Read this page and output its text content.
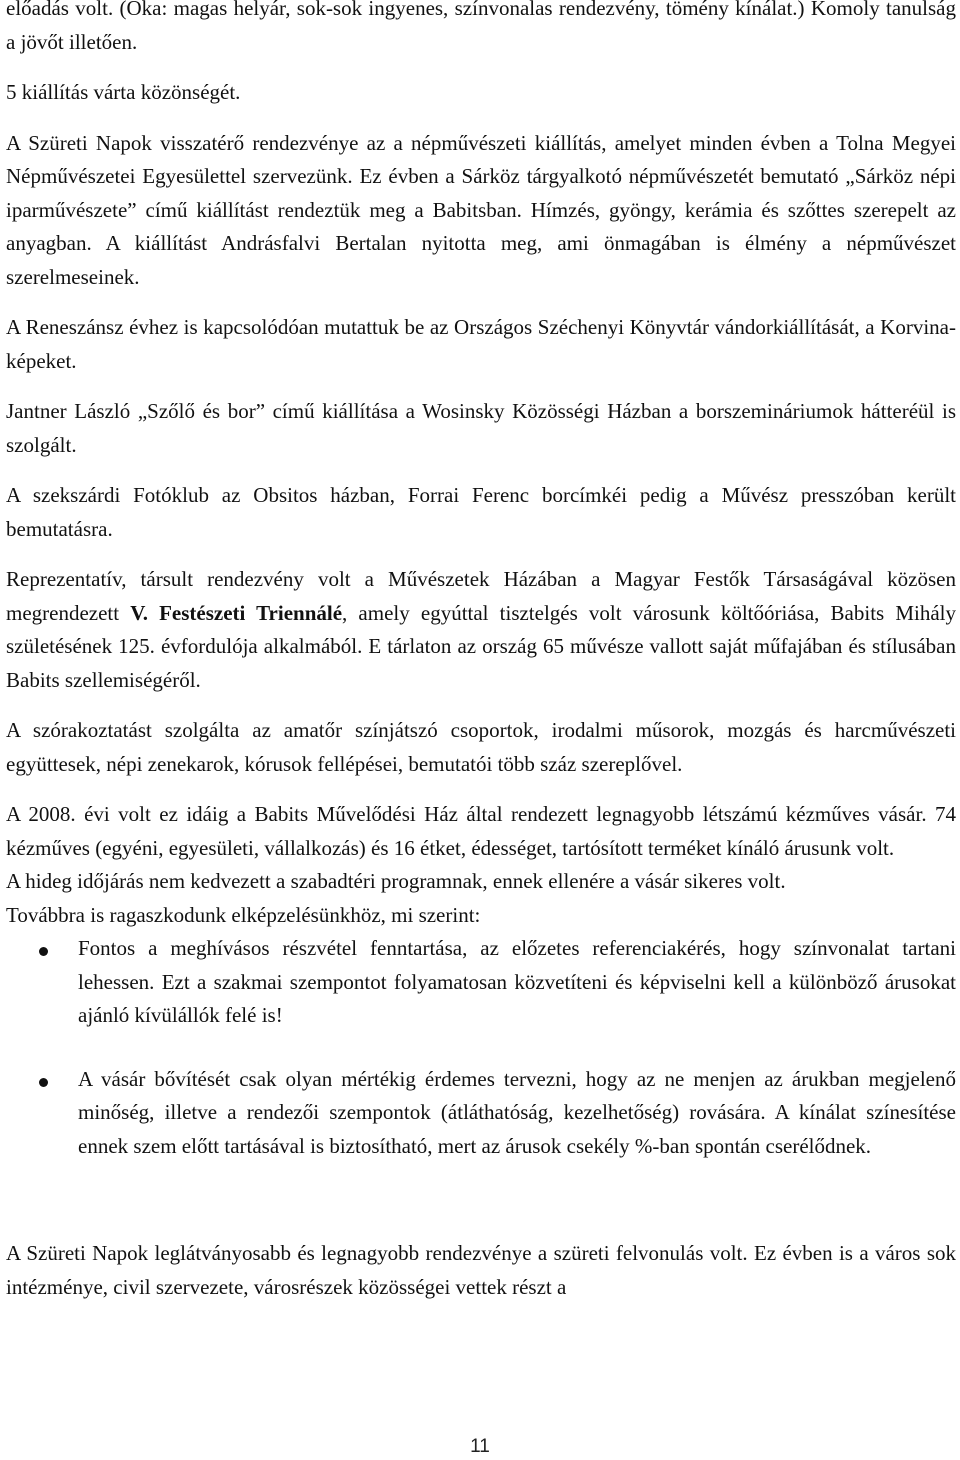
előadás volt. (Oka: magas helyár, sok-sok ingyenes, színvonalas rendezvény, tömény kínálat.) Komoly tanulság a jövőt illetően.

5 kiállítás várta közönségét.

A Szüreti Napok visszatérő rendezvénye az a népművészeti kiállítás, amelyet minden évben a Tolna Megyei Népművészetei Egyesülettel szervezünk. Ez évben a Sárköz tárgyalkotó népművészetét bemutató „Sárköz népi iparművészete” című kiállítást rendeztük meg a Babitsban. Hímzés, gyöngy, kerámia és szőttes szerepelt az anyagban. A kiállítást Andrásfalvi Bertalan nyitotta meg, ami önmagában is élmény a népművészet szerelmeseinek.

A Reneszánsz évhez is kapcsolódóan mutattuk be az Országos Széchenyi Könyvtár vándorkiállítását, a Korvina- képeket.

Jantner László „Szőlő és bor” című kiállítása a Wosinsky Közösségi Házban a borszemináriumok hátteréül is szolgált.

A szekszárdi Fotóklub az Obsitos házban, Forrai Ferenc borcímkéi pedig a Művész presszóban került bemutatásra.

Reprezentatív, társult rendezvény volt a Művészetek Házában a Magyar Festők Társaságával közösen megrendezett V. Festészeti Triennálé, amely egyúttal tisztelgés volt városunk költőóriása, Babits Mihály születésének 125. évfordulója alkalmából. E tárlaton az ország 65 művésze vallott saját műfajában és stílusában Babits szellemiségéről.

A szórakoztatást szolgálta az amatőr színjátszó csoportok, irodalmi műsorok, mozgás és harcművészeti együttesek, népi zenekarok, kórusok fellépései, bemutatói több száz szereplővel.

A 2008. évi volt ez idáig a Babits Művelődési Ház által rendezett legnagyobb létszámú kézműves vásár. 74 kézműves (egyéni, egyesületi, vállalkozás) és 16 étket, édességet, tartósított terméket kínáló árusunk volt.

A hideg időjárás nem kedvezett a szabadtéri programnak, ennek ellenére a vásár sikeres volt.

Továbbra is ragaszkodunk elképzelésünkhöz, mi szerint:

Fontos a meghívásos részvétel fenntartása, az előzetes referenciakérés, hogy színvonalat tartani lehessen. Ezt a szakmai szempontot folyamatosan közvetíteni és képviselni kell a különböző árusokat ajánló kívülállók felé is!
A vásár bővítését csak olyan mértékig érdemes tervezni, hogy az ne menjen az árukban megjelenő minőség, illetve a rendezői szempontok (átláthatóság, kezelhetőség) rovására. A kínálat színesítése ennek szem előtt tartásával is biztosítható, mert az árusok csekély %-ban spontán cserélődnek.

A Szüreti Napok leglátványosabb és legnagyobb rendezvénye a szüreti felvonulás volt. Ez évben is a város sok intézménye, civil szervezete, városrészek közösségei vettek részt a

11
